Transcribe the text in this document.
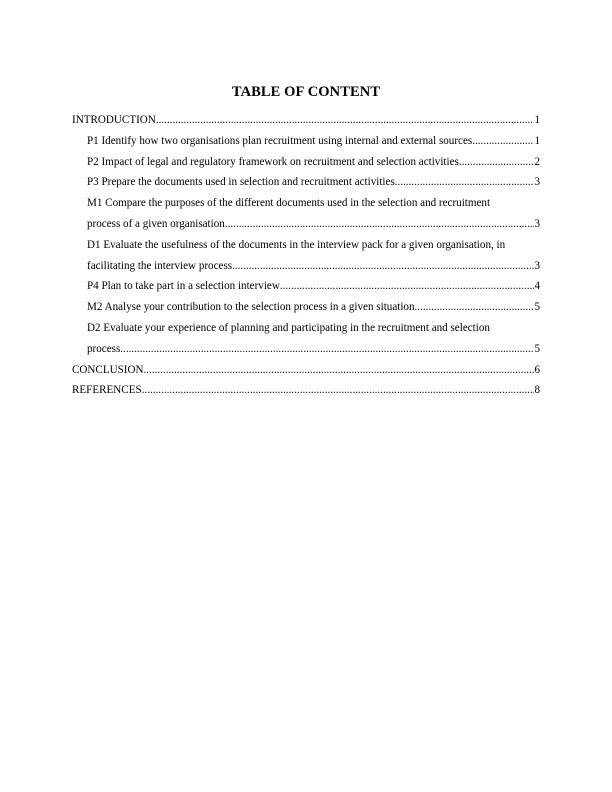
TABLE OF CONTENT
INTRODUCTION .....	1
P1 Identify how two organisations plan recruitment using internal and external sources .....	1
P2 Impact of legal and regulatory framework on recruitment and selection activities .....	2
P3 Prepare the documents used in selection and recruitment activities .....	3
M1 Compare the purposes of the different documents used in the selection and recruitment
process of a given organisation .....	3
D1 Evaluate the usefulness of the documents in the interview pack for a given organisation, in
facilitating the interview process .....	3
P4 Plan to take part in a selection interview .....	4
M2 Analyse your contribution to the selection process in a given situation .....	5
D2 Evaluate your experience of planning and participating in the recruitment and selection
process .....	5
CONCLUSION .....	6
REFERENCES .....	8
